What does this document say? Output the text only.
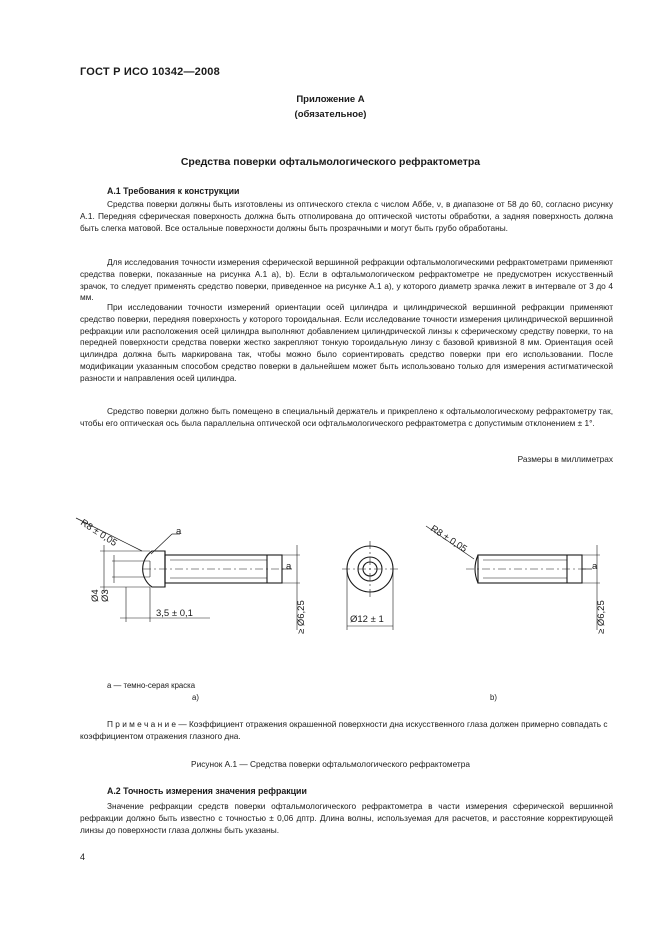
ГОСТ Р ИСО 10342—2008
Приложение А
(обязательное)
Средства поверки офтальмологического рефрактометра
А.1 Требования к конструкции
Средства поверки должны быть изготовлены из оптического стекла с числом Аббе, ν, в диапазоне от 58 до 60, согласно рисунку А.1. Передняя сферическая поверхность должна быть отполирована до оптической чистоты обработки, а задняя поверхность должна быть слегка матовой. Все остальные поверхности должны быть прозрачными и могут быть грубо обработаны.
Для исследования точности измерения сферической вершинной рефракции офтальмологическими рефрактометрами применяют средства поверки, показанные на рисунка А.1 а), b). Если в офтальмологическом рефрактометре не предусмотрен искусственный зрачок, то следует применять средство поверки, приведенное на рисунке А.1 а), у которого диаметр зрачка лежит в интервале от 3 до 4 мм.
При исследовании точности измерений ориентации осей цилиндра и цилиндрической вершинной рефракции применяют средство поверки, передняя поверхность у которого тороидальная. Если исследование точности измерения цилиндрической вершинной рефракции или расположения осей цилиндра выполняют добавлением цилиндрической линзы к сферическому средству поверки, то на передней поверхности средства поверки жестко закрепляют тонкую тороидальную линзу с базовой кривизной 8 мм. Ориентация осей цилиндра должна быть маркирована так, чтобы можно было сориентировать средство поверки при его использовании. После модификации указанным способом средство поверки в дальнейшем может быть использовано только для измерения астигматической разности и направления осей цилиндра.
Средство поверки должно быть помещено в специальный держатель и прикреплено к офтальмологическому рефрактометру так, чтобы его оптическая ось была параллельна оптической оси офтальмологического рефрактометра с допустимым отклонением ± 1°.
Размеры в миллиметрах
R8 ± 0,05	a
a
Ø4 Ø3
3,5 ± 0,1	≥ Ø6,25	Ø12 ± 1
R8 ± 0,05
a
≥ Ø6,25
а — темно-серая краска
а)	b)
П р и м е ч а н и е — Коэффициент отражения окрашенной поверхности дна искусственного глаза должен примерно совпадать с коэффициентом отражения глазного дна.
Рисунок А.1 — Средства поверки офтальмологического рефрактометра
А.2 Точность измерения значения рефракции
Значение рефракции средств поверки офтальмологического рефрактометра в части измерения сферической вершинной рефракции должно быть известно с точностью ± 0,06 дптр. Длина волны, используемая для расчетов, и расстояние корректирующей линзы до поверхности глаза должны быть указаны.
4
